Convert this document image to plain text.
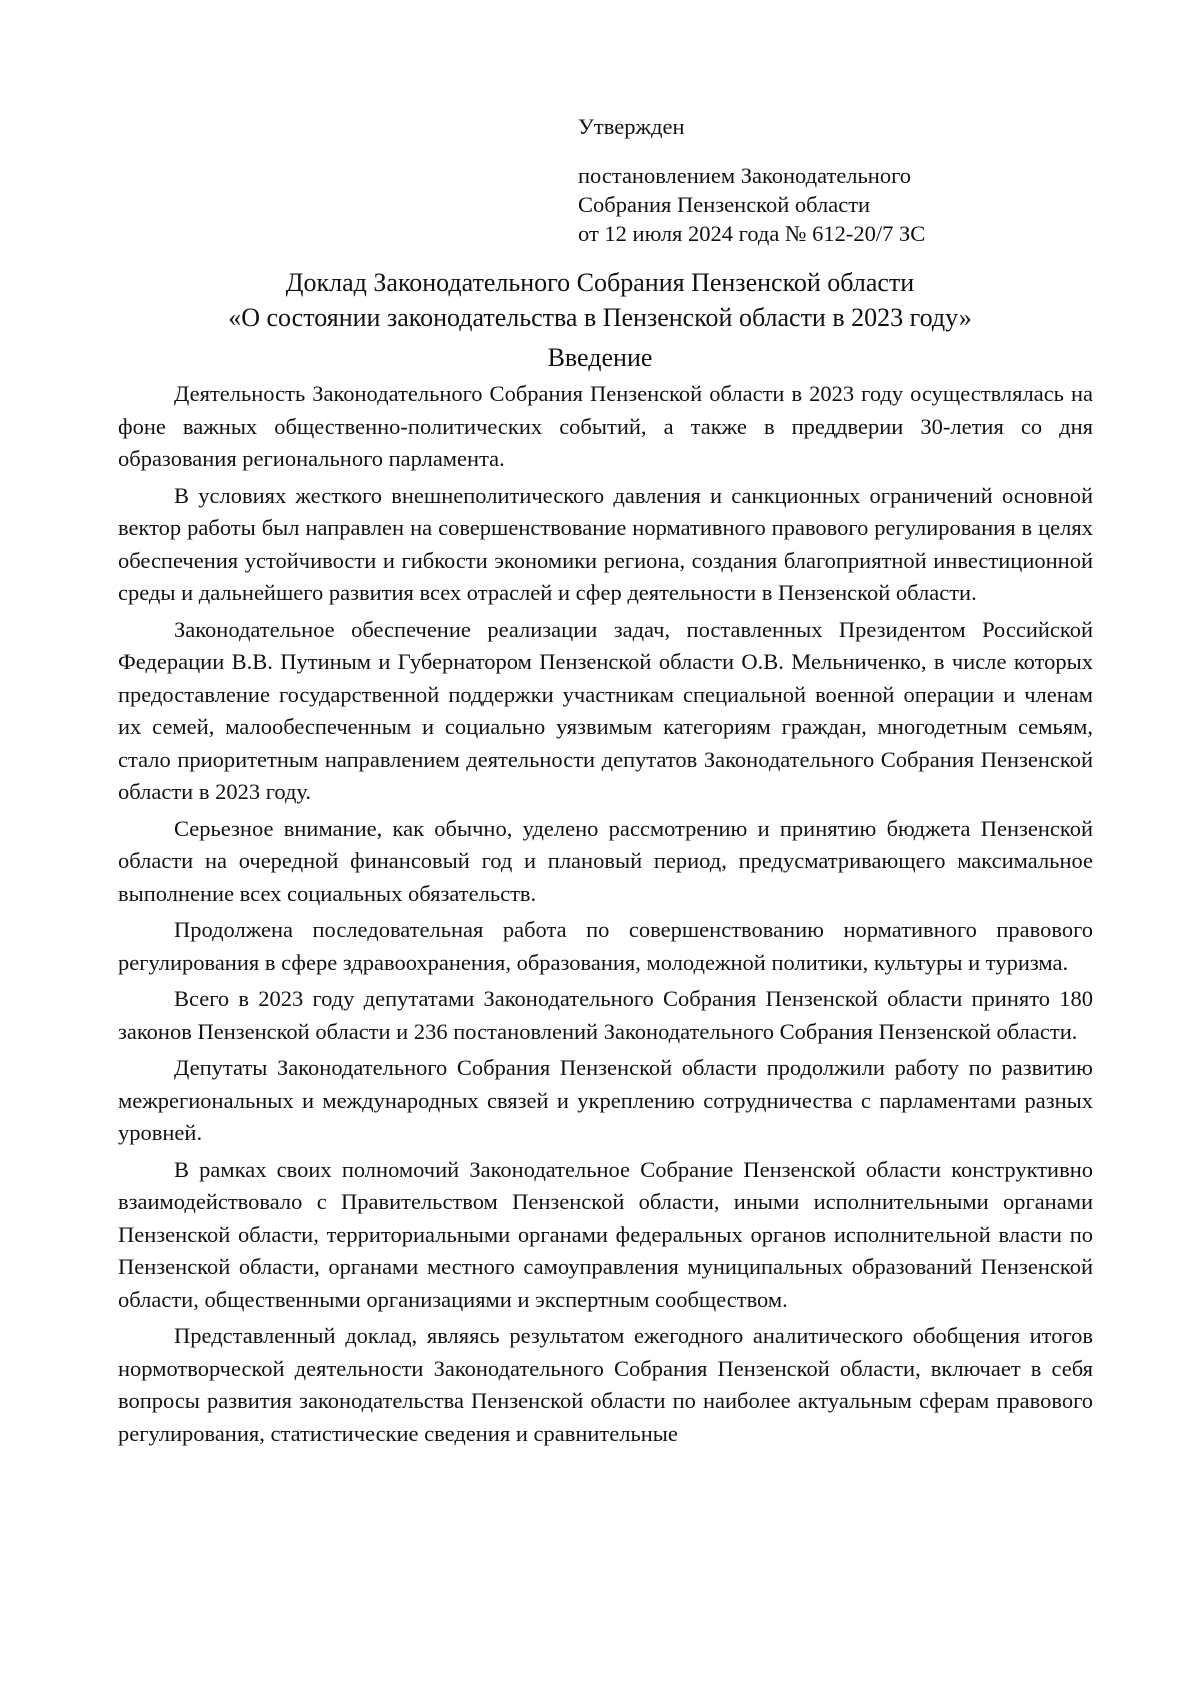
Утвержден
постановлением Законодательного
Собрания Пензенской области
от 12 июля 2024 года № 612-20/7 ЗС
Доклад Законодательного Собрания Пензенской области
«О состоянии законодательства в Пензенской области в 2023 году»
Введение

Деятельность Законодательного Собрания Пензенской области в 2023 году осуществлялась на фоне важных общественно-политических событий, а также в преддверии 30-летия со дня образования регионального парламента.

В условиях жесткого внешнеполитического давления и санкционных ограничений основной вектор работы был направлен на совершенствование нормативного правового регулирования в целях обеспечения устойчивости и гибкости экономики региона, создания благоприятной инвестиционной среды и дальнейшего развития всех отраслей и сфер деятельности в Пензенской области.

Законодательное обеспечение реализации задач, поставленных Президентом Российской Федерации В.В. Путиным и Губернатором Пензенской области О.В. Мельниченко, в числе которых предоставление государственной поддержки участникам специальной военной операции и членам их семей, малообеспеченным и социально уязвимым категориям граждан, многодетным семьям, стало приоритетным направлением деятельности депутатов Законодательного Собрания Пензенской области в 2023 году.

Серьезное внимание, как обычно, уделено рассмотрению и принятию бюджета Пензенской области на очередной финансовый год и плановый период, предусматривающего максимальное выполнение всех социальных обязательств.

Продолжена последовательная работа по совершенствованию нормативного правового регулирования в сфере здравоохранения, образования, молодежной политики, культуры и туризма.

Всего в 2023 году депутатами Законодательного Собрания Пензенской области принято 180 законов Пензенской области и 236 постановлений Законодательного Собрания Пензенской области.

Депутаты Законодательного Собрания Пензенской области продолжили работу по развитию межрегиональных и международных связей и укреплению сотрудничества с парламентами разных уровней.

В рамках своих полномочий Законодательное Собрание Пензенской области конструктивно взаимодействовало с Правительством Пензенской области, иными исполнительными органами Пензенской области, территориальными органами федеральных органов исполнительной власти по Пензенской области, органами местного самоуправления муниципальных образований Пензенской области, общественными организациями и экспертным сообществом.

Представленный доклад, являясь результатом ежегодного аналитического обобщения итогов нормотворческой деятельности Законодательного Собрания Пензенской области, включает в себя вопросы развития законодательства Пензенской области по наиболее актуальным сферам правового регулирования, статистические сведения и сравнительные
